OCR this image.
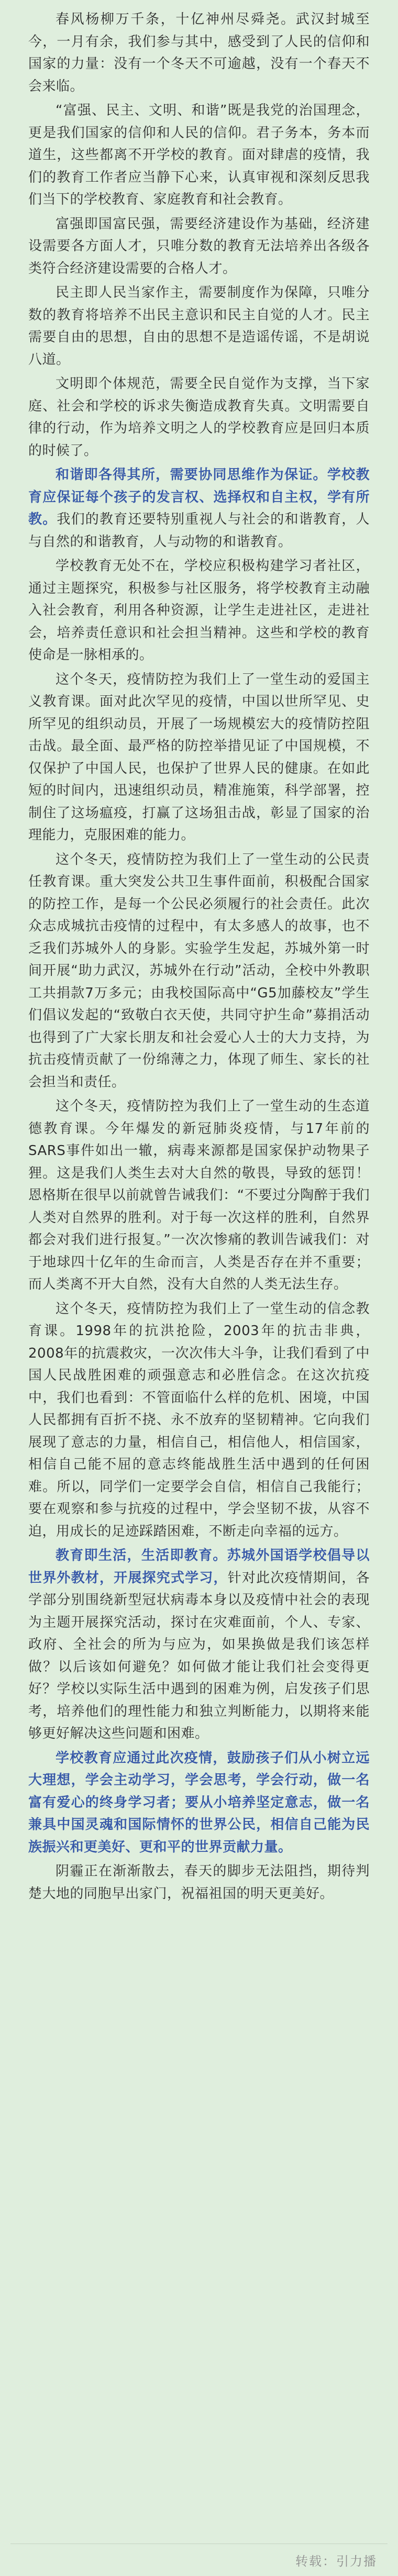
春风杨柳万千条，十亿神州尽舜尧。武汉封城至今，一月有余，我们参与其中，感受到了人民的信仰和国家的力量：没有一个冬天不可逾越，没有一个春天不会来临。

“富强、民主、文明、和谐”既是我党的治国理念，更是我们国家的信仰和人民的信仰。君子务本，务本而道生，这些都离不开学校的教育。面对肆虐的疫情，我们的教育工作者应当静下心来，认真审视和深刻反思我们当下的学校教育、家庭教育和社会教育。

富强即国富民强，需要经济建设作为基础，经济建设需要各方面人才，只唯分数的教育无法培养出各级各类符合经济建设需要的合格人才。

民主即人民当家作主，需要制度作为保障，只唯分数的教育将培养不出民主意识和民主自觉的人才。民主需要自由的思想，自由的思想不是造谣传谣，不是胡说八道。

文明即个体规范，需要全民自觉作为支撑，当下家庭、社会和学校的诉求失衡造成教育失真。文明需要自律的行动，作为培养文明之人的学校教育应是回归本质的时候了。

和谐即各得其所，需要协同思维作为保证。学校教育应保证每个孩子的发言权、选择权和自主权，学有所教。我们的教育还要特别重视人与社会的和谐教育，人与自然的和谐教育，人与动物的和谐教育。

学校教育无处不在，学校应积极构建学习者社区，通过主题探究，积极参与社区服务，将学校教育主动融入社会教育，利用各种资源，让学生走进社区，走进社会，培养责任意识和社会担当精神。这些和学校的教育使命是一脉相承的。

这个冬天，疫情防控为我们上了一堂生动的爱国主义教育课。面对此次罕见的疫情，中国以世所罕见、史所罕见的组织动员，开展了一场规模宏大的疫情防控阻击战。最全面、最严格的防控举措见证了中国规模，不仅保护了中国人民，也保护了世界人民的健康。在如此短的时间内，迅速组织动员，精准施策，科学部署，控制住了这场瘟疫，打赢了这场狙击战，彰显了国家的治理能力，克服困难的能力。

这个冬天，疫情防控为我们上了一堂生动的公民责任教育课。重大突发公共卫生事件面前，积极配合国家的防控工作，是每一个公民必须履行的社会责任。此次众志成城抗击疫情的过程中，有太多感人的故事，也不乏我们苏城外人的身影。实验学生发起，苏城外第一时间开展“助力武汉，苏城外在行动”活动，全校中外教职工共捐款7万多元；由我校国际高中“G5加藤校友”学生们倡议发起的“致敬白衣天使，共同守护生命”募捐活动也得到了广大家长朋友和社会爱心人士的大力支持，为抗击疫情贡献了一份绵薄之力，体现了师生、家长的社会担当和责任。

这个冬天，疫情防控为我们上了一堂生动的生态道德教育课。今年爆发的新冠肺炎疫情，与17年前的SARS事件如出一辙，病毒来源都是国家保护动物果子狸。这是我们人类生去对大自然的敬畏，导致的惩罚！恩格斯在很早以前就曾告诫我们：“不要过分陶醉于我们人类对自然界的胜利。对于每一次这样的胜利，自然界都会对我们进行报复。”一次次惨痛的教训告诫我们：对于地球四十亿年的生命而言，人类是否存在并不重要；而人类离不开大自然，没有大自然的人类无法生存。

这个冬天，疫情防控为我们上了一堂生动的信念教育课。1998年的抗洪抢险，2003年的抗击非典，2008年的抗震救灾，一次次伟大斗争，让我们看到了中国人民战胜困难的顽强意志和必胜信念。在这次抗疫中，我们也看到：不管面临什么样的危机、困境，中国人民都拥有百折不挠、永不放弃的坚韧精神。它向我们展现了意志的力量，相信自己，相信他人，相信国家，相信自己能不屈的意志终能战胜生活中遇到的任何困难。所以，同学们一定要学会自信，相信自己我能行；要在观察和参与抗疫的过程中，学会坚韧不拔，从容不迫，用成长的足迹踩踏困难，不断走向幸福的远方。

教育即生活，生活即教育。苏城外国语学校倡导以世界外教材，开展探究式学习，针对此次疫情期间，各学部分别围绕新型冠状病毒本身以及疫情中社会的表现为主题开展探究活动，探讨在灾难面前，个人、专家、政府、全社会的所为与应为，如果换做是我们该怎样做？以后该如何避免？如何做才能让我们社会变得更好？学校以实际生活中遇到的困难为例，启发孩子们思考，培养他们的理性能力和独立判断能力，以期将来能够更好解决这些问题和困难。

学校教育应通过此次疫情，鼓励孩子们从小树立远大理想，学会主动学习，学会思考，学会行动，做一名富有爱心的终身学习者；要从小培养坚定意志，做一名兼具中国灵魂和国际情怀的世界公民，相信自己能为民族振兴和更美好、更和平的世界贡献力量。

阴霾正在渐渐散去，春天的脚步无法阻挡，期待判楚大地的同胞早出家门，祝福祖国的明天更美好。

转载：引力播
